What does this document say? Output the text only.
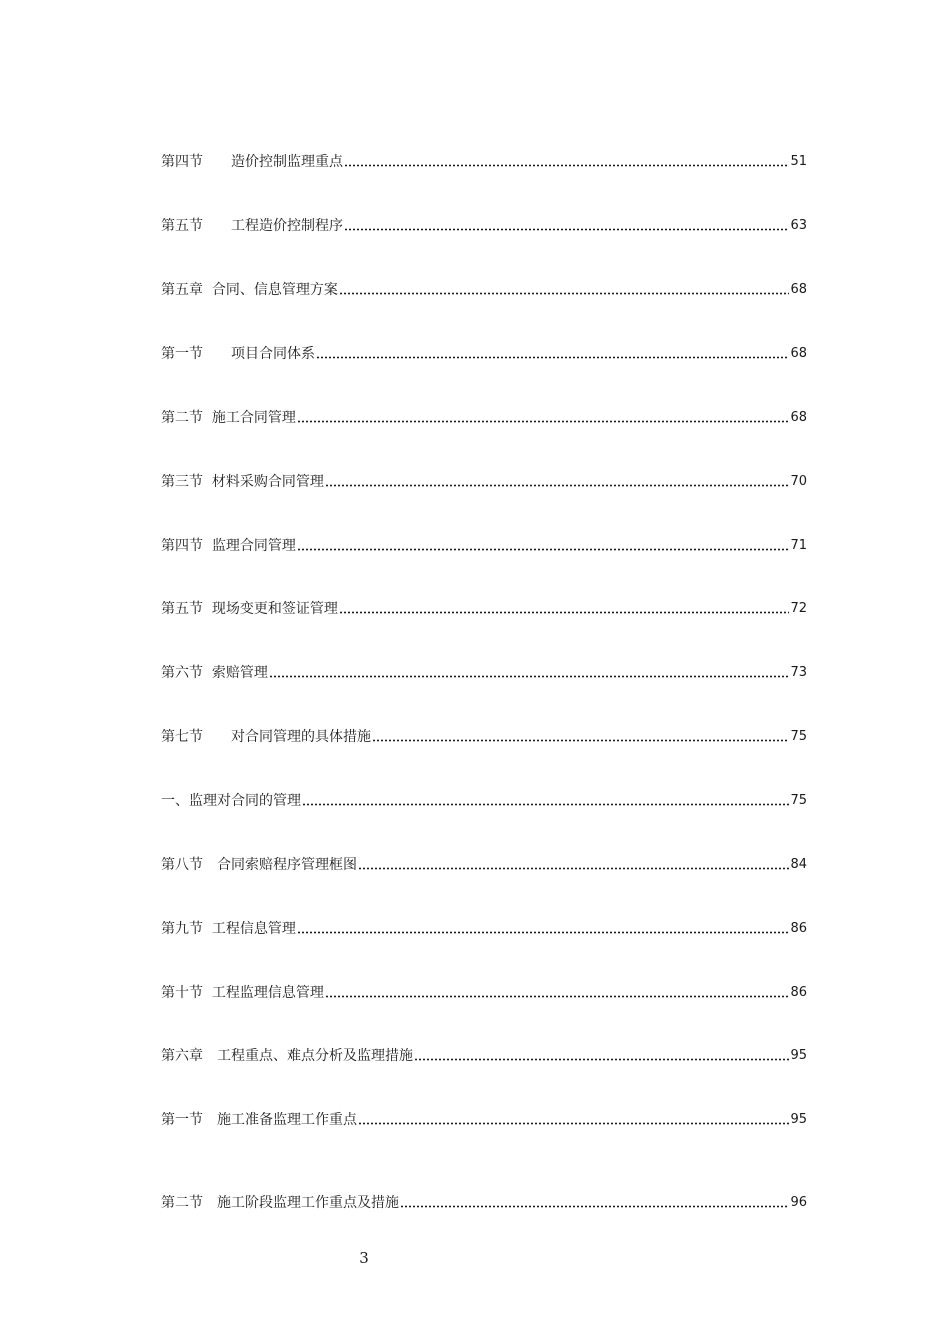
第四节　　造价控制监理重点	51
第五节　　工程造价控制程序	63
第五章  合同、信息管理方案	68
第一节　　项目合同体系	68
第二节  施工合同管理	68
第三节  材料采购合同管理	70
第四节  监理合同管理	71
第五节  现场变更和签证管理	72
第六节  索赔管理	73
第七节　　对合同管理的具体措施	75
一、监理对合同的管理	75
第八节　合同索赔程序管理框图	84
第九节  工程信息管理	86
第十节  工程监理信息管理	86
第六章　工程重点、难点分析及监理措施	95
第一节　施工准备监理工作重点	95
第二节　施工阶段监理工作重点及措施	96
3
